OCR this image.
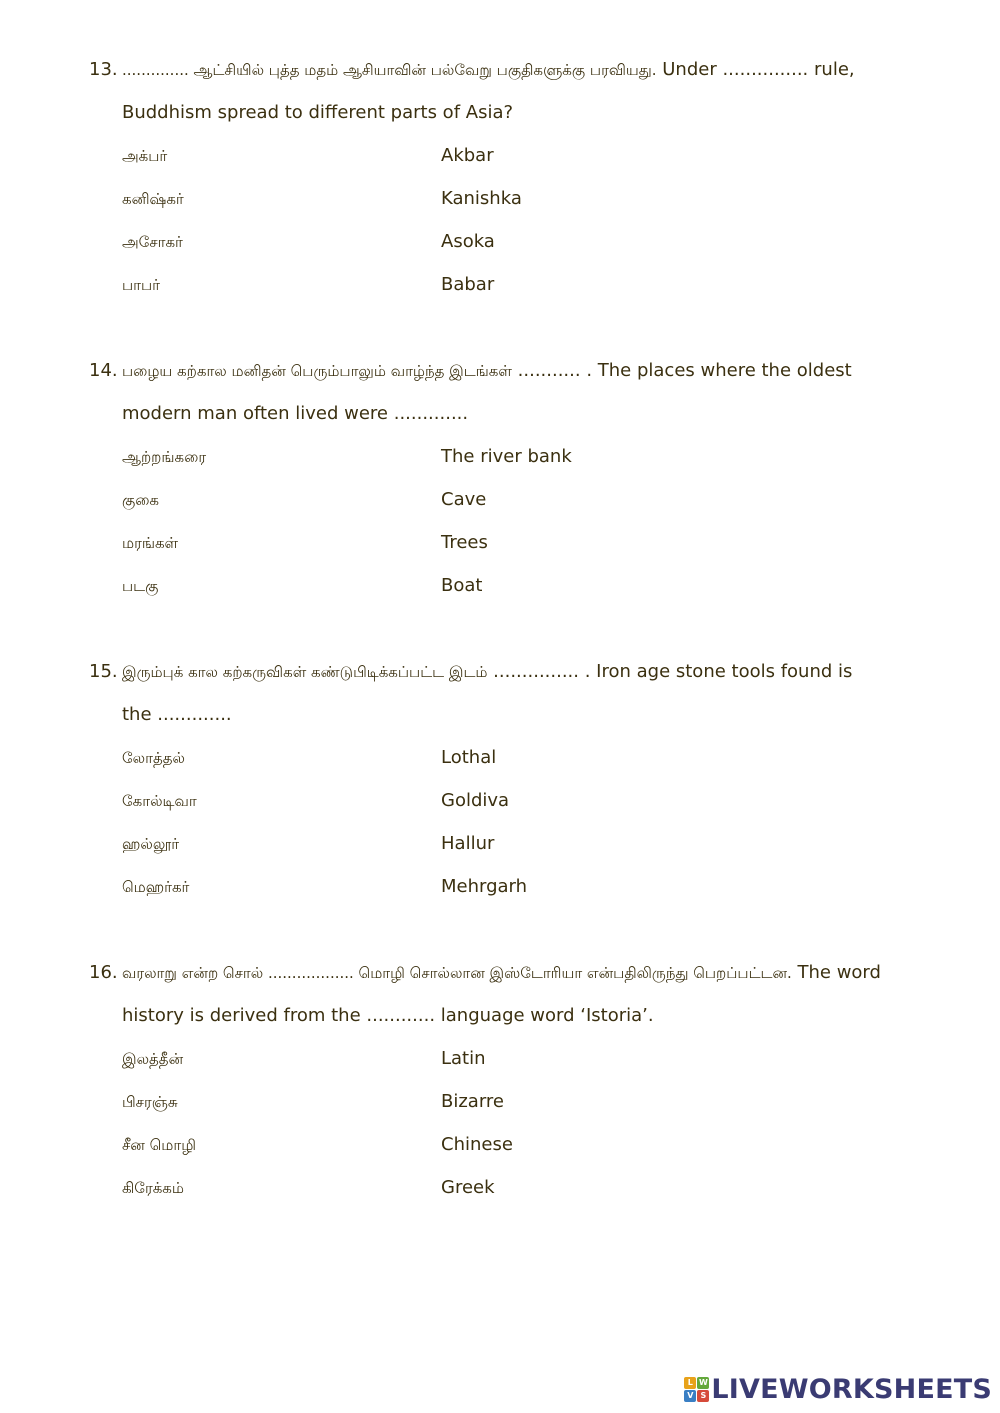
13. .............. ஆட்சியில் புத்த மதம் ஆசியாவின் பல்வேறு பகுதிகளுக்கு பரவியது. Under ............... rule,
Buddhism spread to different parts of Asia?
அக்பர்	Akbar
கனிஷ்கர்	Kanishka
அசோகர்	Asoka
பாபர்	Babar
14. பழைய கற்கால மனிதன் பெரும்பாலும் வாழ்ந்த இடங்கள் ........... . The places where the oldest
modern man often lived were .............
ஆற்றங்கரை	The river bank
குகை	Cave
மரங்கள்	Trees
படகு	Boat
15. இரும்புக் கால கற்கருவிகள் கண்டுபிடிக்கப்பட்ட இடம் ............... . Iron age stone tools found is
the .............
லோத்தல்	Lothal
கோல்டிவா	Goldiva
ஹல்லூர்	Hallur
மெஹர்கர்	Mehrgarh
16. வரலாறு என்ற சொல் .................. மொழி சொல்லான இஸ்டோரியா என்பதிலிருந்து பெறப்பட்டன. The word
history is derived from the ............ language word ‘Istoria’.
இலத்தீன்	Latin
பிசரஞ்சு	Bizarre
சீன மொழி	Chinese
கிரேக்கம்	Greek
L W
V S LIVEWORKSHEETS
